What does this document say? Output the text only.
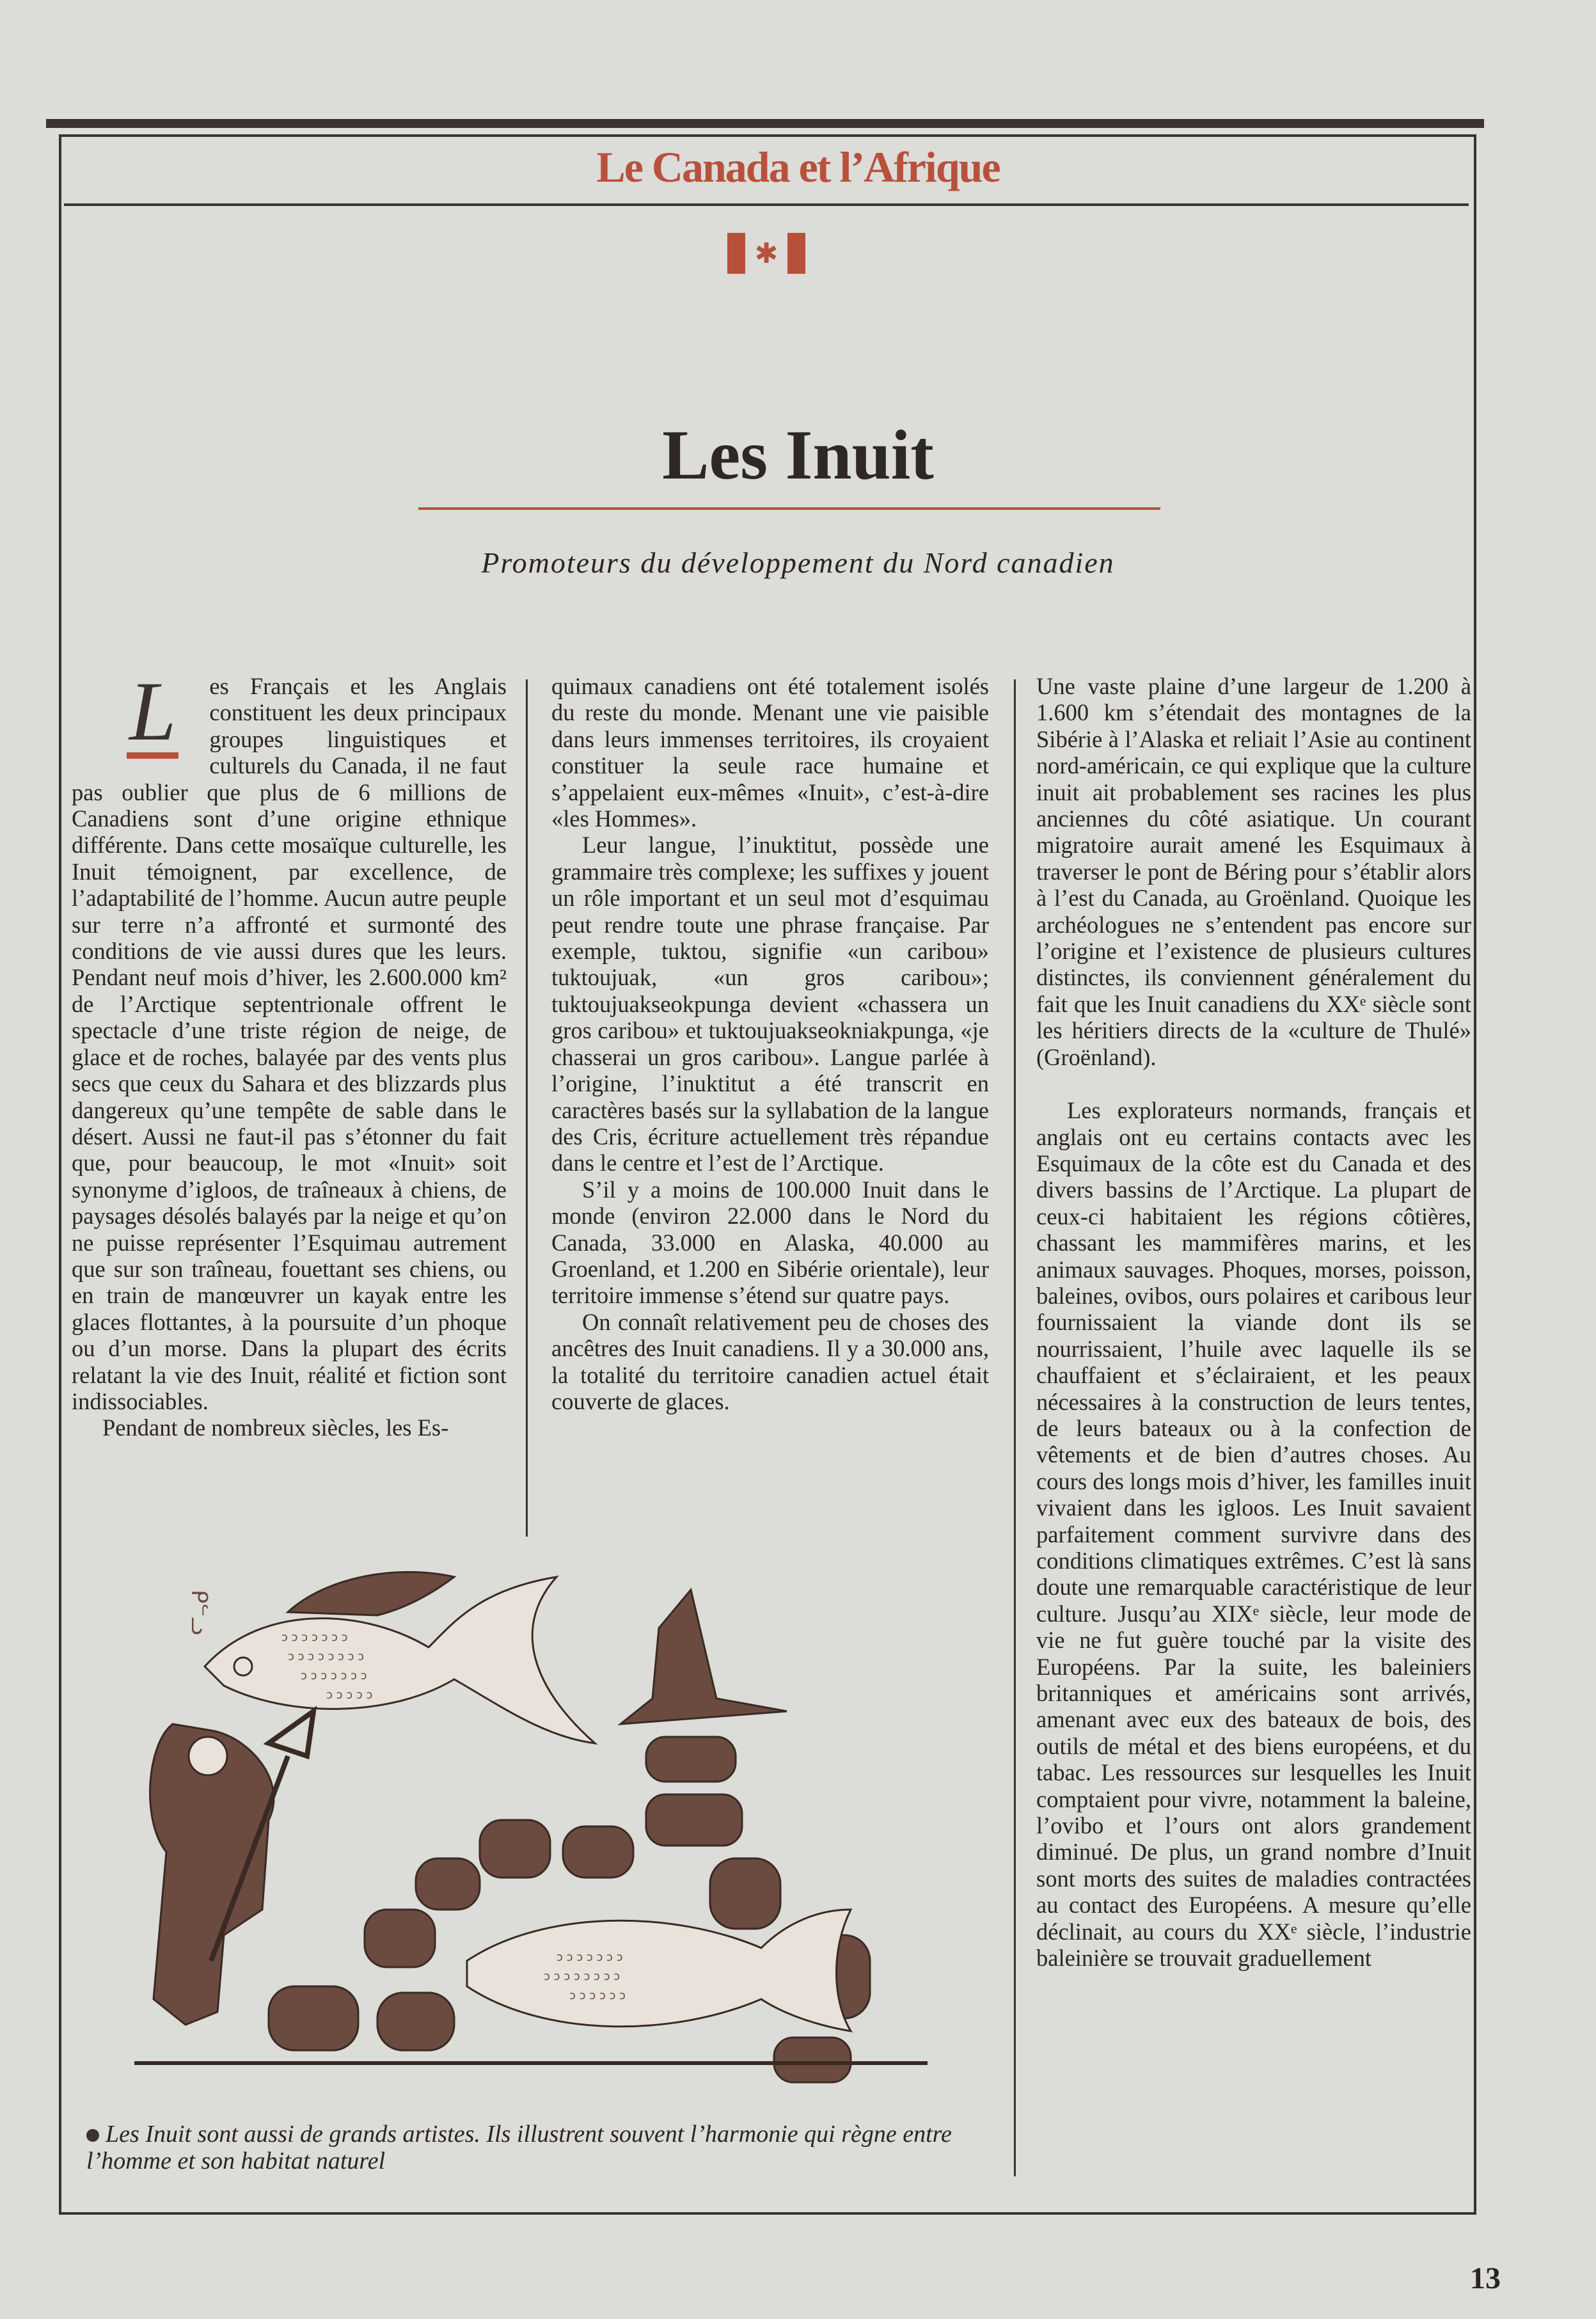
Le Canada et l’Afrique
✱
Les Inuit
Promoteurs du développement du Nord canadien
L	es Français et les Anglais constituent les deux principaux groupes linguistiques et culturels du Canada, il ne faut pas oublier que plus de 6 millions de Canadiens sont d’une origine ethnique différente. Dans cette mosaïque culturelle, les Inuit témoignent, par excellence, de l’adaptabilité de l’homme. Aucun autre peuple sur terre n’a affronté et surmonté des conditions de vie aussi dures que les leurs. Pendant neuf mois d’hiver, les 2.600.000 km² de l’Arctique septentrionale offrent le spectacle d’une triste région de neige, de glace et de roches, balayée par des vents plus secs que ceux du Sahara et des blizzards plus dangereux qu’une tempête de sable dans le désert. Aussi ne faut-il pas s’étonner du fait que, pour beaucoup, le mot «Inuit» soit synonyme d’igloos, de traîneaux à chiens, de paysages désolés balayés par la neige et qu’on ne puisse représenter l’Esquimau autrement que sur son traîneau, fouettant ses chiens, ou en train de manœuvrer un kayak entre les glaces flottantes, à la poursuite d’un phoque ou d’un morse. Dans la plupart des écrits relatant la vie des Inuit, réalité et fiction sont indissociables.

Pendant de nombreux siècles, les Es-

quimaux canadiens ont été totalement isolés du reste du monde. Menant une vie paisible dans leurs immenses territoires, ils croyaient constituer la seule race humaine et s’appelaient eux-mêmes «Inuit», c’est-à-dire «les Hommes».

Leur langue, l’inuktitut, possède une grammaire très complexe; les suffixes y jouent un rôle important et un seul mot d’esquimau peut rendre toute une phrase française. Par exemple, tuktou, signifie «un caribou» tuktoujuak, «un gros caribou»; tuktoujuakseokpunga devient «chassera un gros caribou» et tuktoujuakseokniakpunga, «je chasserai un gros caribou». Langue parlée à l’origine, l’inuktitut a été transcrit en caractères basés sur la syllabation de la langue des Cris, écriture actuellement très répandue dans le centre et l’est de l’Arctique.

S’il y a moins de 100.000 Inuit dans le monde (environ 22.000 dans le Nord du Canada, 33.000 en Alaska, 40.000 au Groenland, et 1.200 en Sibérie orientale), leur territoire immense s’étend sur quatre pays.

On connaît relativement peu de choses des ancêtres des Inuit canadiens. Il y a 30.000 ans, la totalité du territoire canadien actuel était couverte de glaces.

Une vaste plaine d’une largeur de 1.200 à 1.600 km s’étendait des montagnes de la Sibérie à l’Alaska et reliait l’Asie au continent nord-américain, ce qui explique que la culture inuit ait probablement ses racines les plus anciennes du côté asiatique. Un courant migratoire aurait amené les Esquimaux à traverser le pont de Béring pour s’établir alors à l’est du Canada, au Groënland. Quoique les archéologues ne s’entendent pas encore sur l’origine et l’existence de plusieurs cultures distinctes, ils conviennent généralement du fait que les Inuit canadiens du XXᵉ siècle sont les héritiers directs de la «culture de Thulé» (Groënland).

Les explorateurs normands, français et anglais ont eu certains contacts avec les Esquimaux de la côte est du Canada et des divers bassins de l’Arctique. La plupart de ceux-ci habitaient les régions côtières, chassant les mammifères marins, et les animaux sauvages. Phoques, morses, poisson, baleines, ovibos, ours polaires et caribous leur fournissaient la viande dont ils se nourrissaient, l’huile avec laquelle ils se chauffaient et s’éclairaient, et les peaux nécessaires à la construction de leurs tentes, de leurs bateaux ou à la confection de vêtements et de bien d’autres choses. Au cours des longs mois d’hiver, les familles inuit vivaient dans les igloos. Les Inuit savaient parfaitement comment survivre dans des conditions climatiques extrêmes. C’est là sans doute une remarquable caractéristique de leur culture. Jusqu’au XIXᵉ siècle, leur mode de vie ne fut guère touché par la visite des Européens. Par la suite, les baleiniers britanniques et américains sont arrivés, amenant avec eux des bateaux de bois, des outils de métal et des biens européens, et du tabac. Les ressources sur lesquelles les Inuit comptaient pour vivre, notamment la baleine, l’ovibo et l’ours ont alors grandement diminué. De plus, un grand nombre d’Inuit sont morts des suites de maladies contractées au contact des Européens. A mesure qu’elle déclinait, au cours du XXᵉ siècle, l’industrie baleinière se trouvait graduellement

ᑭᓪᓗ
ɔ ɔ ɔ ɔ ɔ ɔ ɔ
ɔ ɔ ɔ ɔ ɔ ɔ ɔ ɔ
ɔ ɔ ɔ ɔ ɔ ɔ ɔ
ɔ ɔ ɔ ɔ ɔ
ɔ ɔ ɔ ɔ ɔ ɔ ɔ
ɔ ɔ ɔ ɔ ɔ ɔ ɔ ɔ
ɔ ɔ ɔ ɔ ɔ ɔ
Les Inuit sont aussi de grands artistes. Ils illustrent souvent l’harmonie qui règne entre l’homme et son habitat naturel
13
